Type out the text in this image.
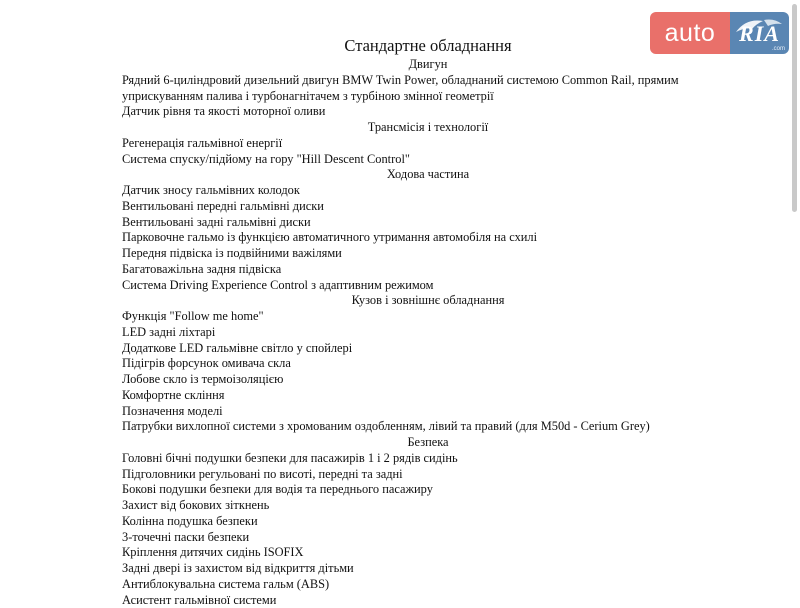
Стандартне обладнання
Двигун
Рядний 6-циліндровий дизельний двигун BMW Twin Power, обладнаний системою Common Rail, прямим уприскуванням палива і турбонагнітачем з турбіною змінної геометрії
Датчик рівня та якості моторної оливи
Трансмісія і технології
Регенерація гальмівної енергії
Система спуску/підйому на гору "Hill Descent Control"
Ходова частина
Датчик зносу гальмівних колодок
Вентильовані передні гальмівні диски
Вентильовані задні гальмівні диски
Парковочне гальмо із функцією автоматичного утримання автомобіля на схилі
Передня підвіска із подвійними важілями
Багатоважільна задня підвіска
Система Driving Experience Control з адаптивним режимом
Кузов і зовнішнє обладнання
Функція "Follow me home"
LED задні ліхтарі
Додаткове LED гальмівне світло у спойлері
Підігрів форсунок омивача скла
Лобове скло із термоізоляцією
Комфортне скління
Позначення моделі
Патрубки вихлопної системи з хромованим оздобленням, лівий та правий (для M50d - Cerium Grey)
Безпека
Головні бічні подушки безпеки для пасажирів 1 і 2 рядів сидінь
Підголовники регульовані по висоті, передні та задні
Бокові подушки безпеки для водія та переднього пасажиру
Захист від бокових зіткнень
Колінна подушка безпеки
3-точечні паски безпеки
Кріплення дитячих сидінь ISOFIX
Задні двері із захистом від відкриття дітьми
Антиблокувальна система гальм (ABS)
Асистент гальмівної системи
auto	RIA
.com
